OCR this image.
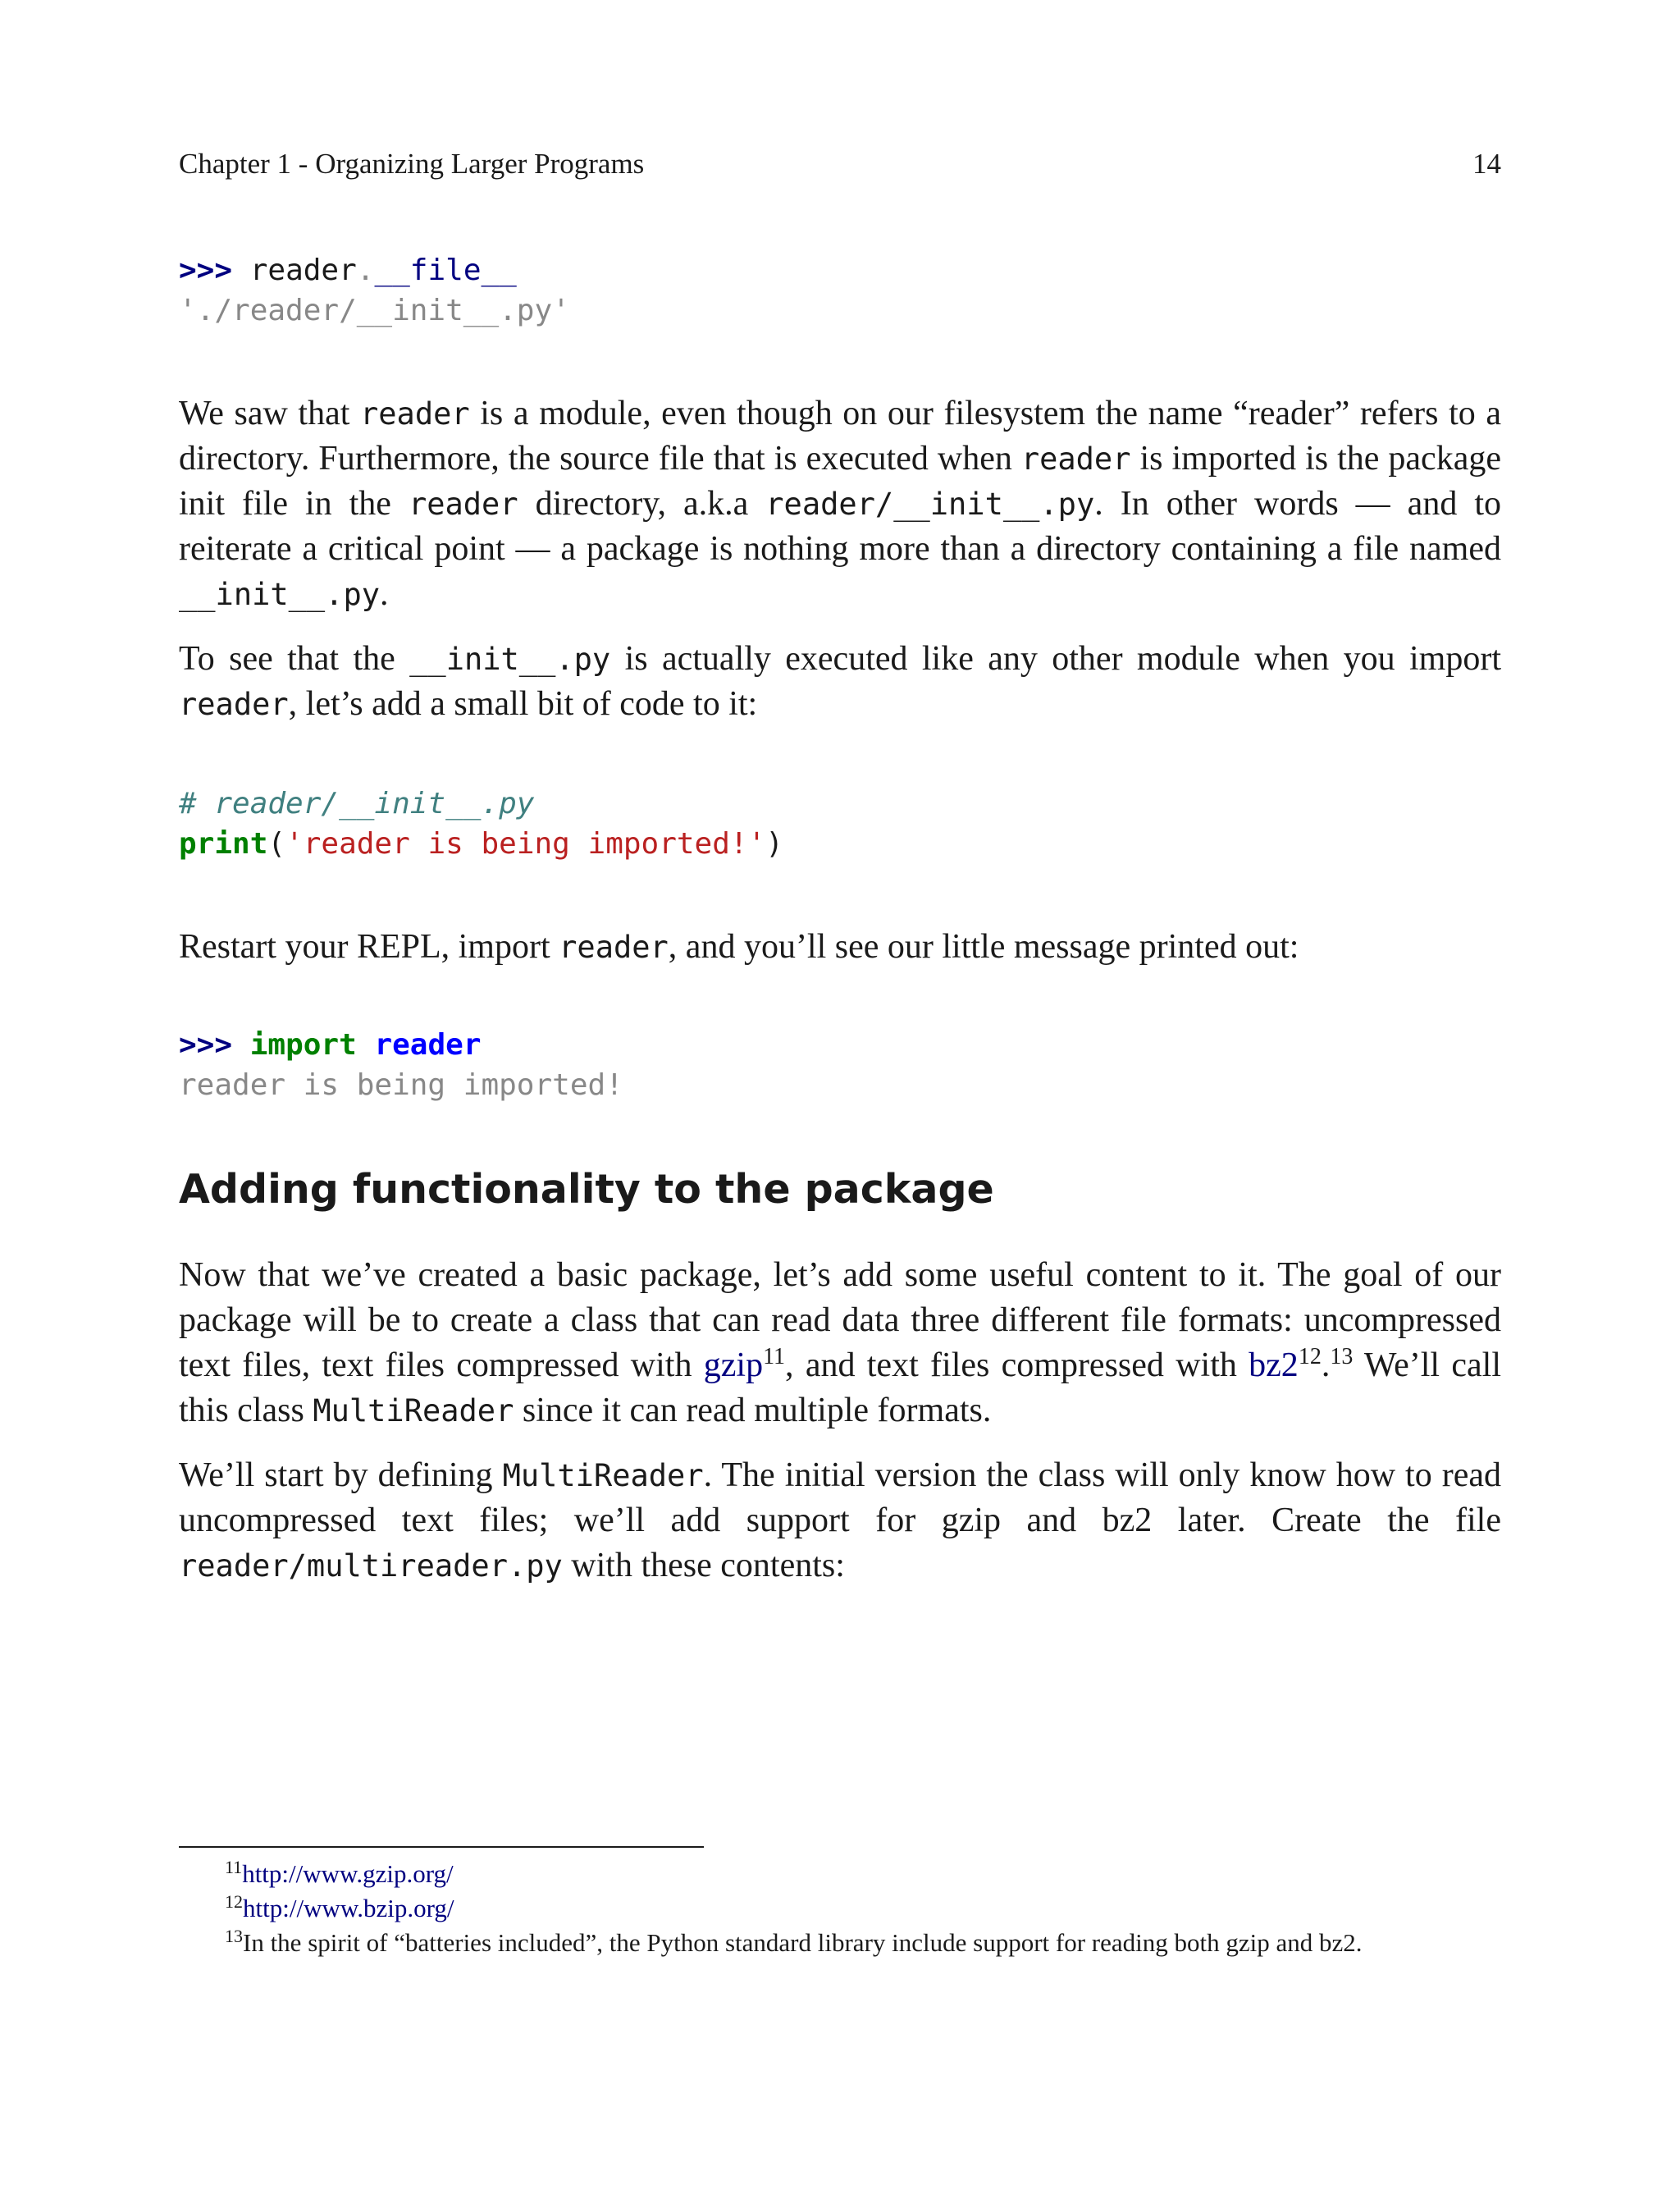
Chapter 1 - Organizing Larger Programs	14
>>> reader.__file__
'./reader/__init__.py'

We saw that reader is a module, even though on our filesystem the name “reader” refers to a directory. Furthermore, the source file that is executed when reader is imported is the package init file in the reader directory, a.k.a reader/__init__.py. In other words — and to reiterate a critical point — a package is nothing more than a directory containing a file named __init__.py.

To see that the __init__.py is actually executed like any other module when you import reader, let’s add a small bit of code to it:

# reader/__init__.py
print('reader is being imported!')

Restart your REPL, import reader, and you’ll see our little message printed out:

>>> import reader
reader is being imported!
Adding functionality to the package

Now that we’ve created a basic package, let’s add some useful content to it. The goal of our package will be to create a class that can read data three different file formats: uncompressed text files, text files compressed with gzip$^{11}$, and text files compressed with $bz2^{12}.^{13}$ We’ll call this class MultiReader since it can read multiple formats.

We’ll start by defining MultiReader. The initial version the class will only know how to read uncompressed text files; we’ll add support for gzip and bz2 later. Create the file reader/multireader.py with these contents:

$^{11}$http://www.gzip.org/

$^{12}$http://www.bzip.org/

$^{13}$In the spirit of “batteries included”, the Python standard library include support for reading both gzip and bz2.
